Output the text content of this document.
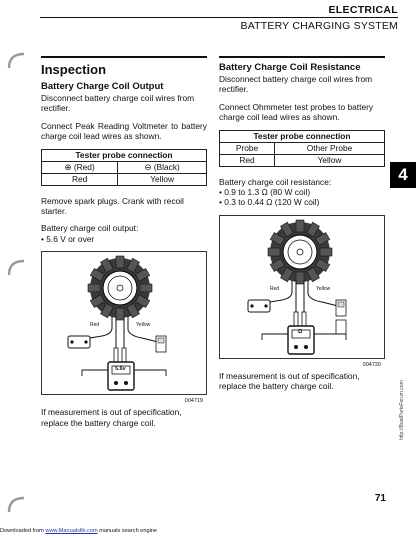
ELECTRICAL
BATTERY CHARGING SYSTEM
Inspection
Battery Charge Coil Output

Disconnect battery charge coil wires from rectifier.

Connect Peak Reading Voltmeter to battery charge coil lead wires as shown.

Tester probe connection	
⊕ (Red)	⊖ (Black)
Red	Yellow

Remove spark plugs. Crank with recoil starter.

Battery charge coil output:

• 5.6 V or over
Red	Yellow
5.6v
004719

If measurement is out of specification, replace the battery charge coil.

Battery Charge Coil Resistance

Disconnect battery charge coil wires from rectifier.

Connect Ohmmeter test probes to battery charge coil lead wires as shown.

Tester probe connection	
Probe	Other Probe
Red	Yellow

Battery charge coil resistance:

• 0.9 to 1.3 Ω (80 W coil)
• 0.3 to 0.44 Ω (120 W coil)
Red	Yellow
Ω
004720

If measurement is out of specification, replace the battery charge coil.

4
71
http://BoatPartsForum.com
Downloaded from www.Manualslib.com manuals search engine
